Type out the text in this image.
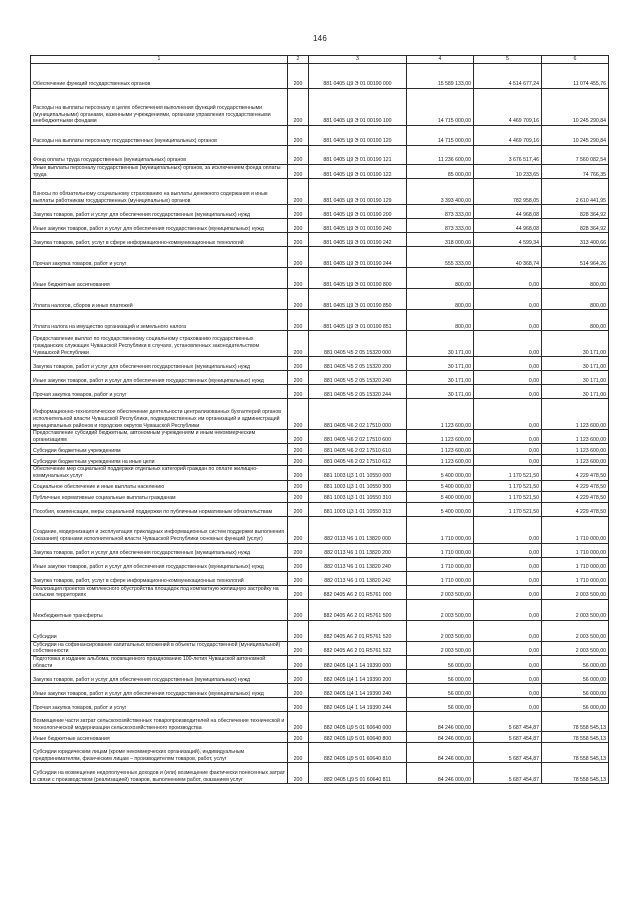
146
1	2	3	4	5	6
Обеспечение функций государственных органов	200	881 0405 Ц9 Э 01 00190 000	15 589 133,00	4 514 677,24	11 074 455,76
Расходы на выплаты персоналу в целях обеспечения выполнения функций государственными (муниципальными) органами, казенными учреждениями, органами управления государственными внебюджетными фондами	200	881 0405 Ц9 Э 01 00190 100	14 715 000,00	4 469 709,16	10 245 290,84
Расходы на выплаты персоналу государственных (муниципальных) органов	200	881 0405 Ц9 Э 01 00190 120	14 715 000,00	4 469 709,16	10 245 290,84
Фонд оплаты труда государственных (муниципальных) органов	200	881 0405 Ц9 Э 01 00190 121	11 236 600,00	3 676 517,46	7 560 082,54
Иные выплаты персоналу государственных (муниципальных) органов, за исключением фонда оплаты труда	200	881 0405 Ц9 Э 01 00190 122	85 000,00	10 233,65	74 766,35
Взносы по обязательному социальному страхованию на выплаты денежного содержания и иные выплаты работникам государственных (муниципальных) органов	200	881 0405 Ц9 Э 01 00190 129	3 393 400,00	782 958,05	2 610 441,95
Закупка товаров, работ и услуг для обеспечения государственных (муниципальных) нужд	200	881 0405 Ц9 Э 01 00190 200	873 333,00	44 968,08	828 364,92
Иные закупки товаров, работ и услуг для обеспечения государственных (муниципальных) нужд	200	881 0405 Ц9 Э 01 00190 240	873 333,00	44 968,08	828 364,92
Закупка товаров, работ, услуг в сфере информационно-коммуникационных технологий	200	881 0405 Ц9 Э 01 00190 242	318 000,00	4 599,34	313 400,66
Прочая закупка товаров, работ и услуг	200	881 0405 Ц9 Э 01 00190 244	555 333,00	40 368,74	514 964,26
Иные бюджетные ассигнования	200	881 0405 Ц9 Э 01 00190 800	800,00	0,00	800,00
Уплата налогов, сборов и иных платежей	200	881 0405 Ц9 Э 01 00190 850	800,00	0,00	800,00
Уплата налога на имущество организаций и земельного налога	200	881 0405 Ц9 Э 01 00190 851	800,00	0,00	800,00
Предоставление выплат по государственному социальному страхованию государственных гражданских служащих Чувашской Республики в случаях, установленных законодательством Чувашской Республики	200	881 0405 Ч5 2 05 15320 000	30 171,00	0,00	30 171,00
Закупка товаров, работ и услуг для обеспечения государственных (муниципальных) нужд	200	881 0405 Ч5 2 05 15320 200	30 171,00	0,00	30 171,00
Иные закупки товаров, работ и услуг для обеспечения государственных (муниципальных) нужд	200	881 0405 Ч5 2 05 15320 240	30 171,00	0,00	30 171,00
Прочая закупка товаров, работ и услуг	200	881 0405 Ч5 2 05 15320 244	30 171,00	0,00	30 171,00
Информационно-технологическое обеспечение деятельности централизованных бухгалтерий органов исполнительной власти Чувашской Республики, подведомственных им организаций и администраций муниципальных районов и городских округов Чувашской Республики	200	881 0405 Ч6 2 02 17510 000	1 123 600,00	0,00	1 123 600,00
Предоставление субсидий бюджетным, автономным учреждениям и иным некоммерческим организациям	200	881 0405 Ч6 2 02 17510 600	1 123 600,00	0,00	1 123 600,00
Субсидии бюджетным учреждениям	200	881 0405 Ч6 2 02 17510 610	1 123 600,00	0,00	1 123 600,00
Субсидии бюджетным учреждениям на иные цели	200	881 0405 Ч6 2 02 17510 612	1 123 600,00	0,00	1 123 600,00
Обеспечение мер социальной поддержки отдельных категорий граждан по оплате жилищно-коммунальных услуг	200	881 1003 Ц3 1 01 10550 000	5 400 000,00	1 170 521,50	4 229 478,50
Социальное обеспечение и иные выплаты населению	200	881 1003 Ц3 1 01 10550 300	5 400 000,00	1 170 521,50	4 229 478,50
Публичные нормативные социальные выплаты гражданам	200	881 1003 Ц3 1 01 10550 310	5 400 000,00	1 170 521,50	4 229 478,50
Пособия, компенсации, меры социальной поддержки по публичным нормативным обязательствам	200	881 1003 Ц3 1 01 10550 313	5 400 000,00	1 170 521,50	4 229 478,50
Создание, модернизация и эксплуатация прикладных информационных систем поддержки выполнения (оказания) органами исполнительной власти Чувашской Республики основных функций (услуг)	200	882 0113 Ч6 1 01 13820 000	1 710 000,00	0,00	1 710 000,00
Закупка товаров, работ и услуг для обеспечения государственных (муниципальных) нужд	200	882 0113 Ч6 1 01 13820 200	1 710 000,00	0,00	1 710 000,00
Иные закупки товаров, работ и услуг для обеспечения государственных (муниципальных) нужд	200	882 0113 Ч6 1 01 13820 240	1 710 000,00	0,00	1 710 000,00
Закупка товаров, работ, услуг в сфере информационно-коммуникационных технологий	200	882 0113 Ч6 1 01 13820 242	1 710 000,00	0,00	1 710 000,00
Реализация проектов комплексного обустройства площадок под компактную жилищную застройку на сельских территориях	200	882 0405 А6 2 01 R5761 000	2 003 500,00	0,00	2 003 500,00
Межбюджетные трансферты	200	882 0405 А6 2 01 R5761 500	2 003 500,00	0,00	2 003 500,00
Субсидии	200	882 0405 А6 2 01 R5761 520	2 003 500,00	0,00	2 003 500,00
Субсидии на софинансирование капитальных вложений в объекты государственной (муниципальной) собственности	200	882 0405 А6 2 01 R5761 522	2 003 500,00	0,00	2 003 500,00
Подготовка и издание альбома, посвященного празднованию 100-летия Чувашской автономной области	200	882 0405 Ц4 1 14 19390 000	56 000,00	0,00	56 000,00
Закупка товаров, работ и услуг для обеспечения государственных (муниципальных) нужд	200	882 0405 Ц4 1 14 19390 200	56 000,00	0,00	56 000,00
Иные закупки товаров, работ и услуг для обеспечения государственных (муниципальных) нужд	200	882 0405 Ц4 1 14 19390 240	56 000,00	0,00	56 000,00
Прочая закупка товаров, работ и услуг	200	882 0405 Ц4 1 14 19390 244	56 000,00	0,00	56 000,00
Возмещение части затрат сельскохозяйственных товаропроизводителей на обеспечение технической и технологической модернизации сельскохозяйственного производства	200	882 0405 Ц9 5 01 60640 000	84 246 000,00	5 687 454,87	78 558 545,13
Иные бюджетные ассигнования	200	882 0405 Ц9 5 01 60640 800	84 246 000,00	5 687 454,87	78 558 545,13
Субсидии юридическим лицам (кроме некоммерческих организаций), индивидуальным предпринимателям, физическим лицам – производителям товаров, работ, услуг	200	882 0405 Ц9 5 01 60640 810	84 246 000,00	5 687 454,87	78 558 545,13
Субсидии на возмещение недополученных доходов и (или) возмещение фактически понесенных затрат в связи с производством (реализацией) товаров, выполнением работ, оказанием услуг	200	882 0405 Ц9 5 01 60640 811	84 246 000,00	5 687 454,87	78 558 545,13
